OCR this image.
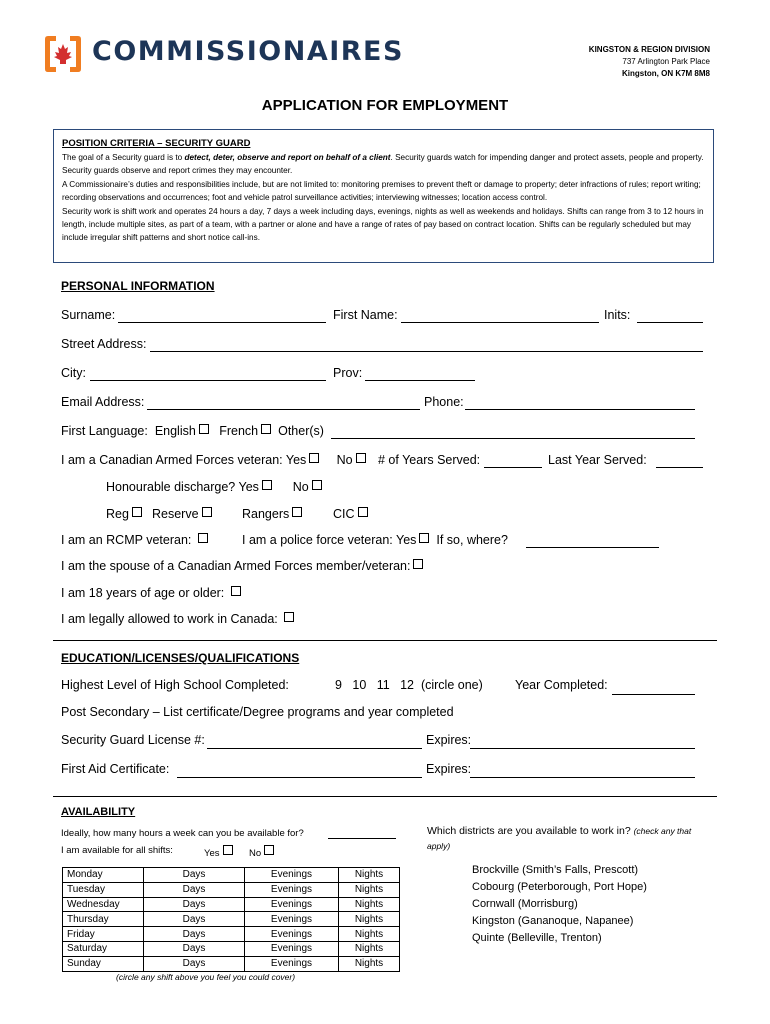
COMMISSIONAIRES	KINGSTON & REGION DIVISION
737 Arlington Park Place
Kingston, ON K7M 8M8
APPLICATION FOR EMPLOYMENT
POSITION CRITERIA – SECURITY GUARD
The goal of a Security guard is to detect, deter, observe and report on behalf of a client. Security guards watch for impending danger and protect assets, people and property. Security guards observe and report crimes they may encounter.
A Commissionaire’s duties and responsibilities include, but are not limited to: monitoring premises to prevent theft or damage to property; deter infractions of rules; report writing; recording observations and occurrences; foot and vehicle patrol surveillance activities; interviewing witnesses; location access control.
Security work is shift work and operates 24 hours a day, 7 days a week including days, evenings, nights as well as weekends and holidays. Shifts can range from 3 to 12 hours in length, include multiple sites, as part of a team, with a partner or alone and have a range of rates of pay based on contract location. Shifts can be regularly scheduled but may include irregular shift patterns and short notice call-ins.
PERSONAL INFORMATION
Surname:	First Name:	Inits:
Street Address:
City:	Prov:
Email Address:	Phone:
First Language: English French Other(s)
I am a Canadian Armed Forces veteran: Yes No	# of Years Served:	Last Year Served:
Honourable discharge? Yes	No
Reg	Reserve	Rangers	CIC
I am an RCMP veteran:	I am a police force veteran: Yes If so, where?
I am the spouse of a Canadian Armed Forces member/veteran:
I am 18 years of age or older:
I am legally allowed to work in Canada:
EDUCATION/LICENSES/QUALIFICATIONS
Highest Level of High School Completed:	9   10   11   12  (circle one)	Year Completed:
Post Secondary – List certificate/Degree programs and year completed
Security Guard License #:	Expires:
First Aid Certificate:	Expires:
AVAILABILITY
Ideally, how many hours a week can you be available for?
I am available for all shifts:	Yes	No
Monday	Days	Evenings	Nights
Tuesday	Days	Evenings	Nights
Wednesday	Days	Evenings	Nights
Thursday	Days	Evenings	Nights
Friday	Days	Evenings	Nights
Saturday	Days	Evenings	Nights
Sunday	Days	Evenings	Nights
(circle any shift above you feel you could cover)
Which districts are you available to work in? (check any that apply)
Brockville (Smith’s Falls, Prescott)
Cobourg (Peterborough, Port Hope)
Cornwall (Morrisburg)
Kingston (Gananoque, Napanee)
Quinte (Belleville, Trenton)
